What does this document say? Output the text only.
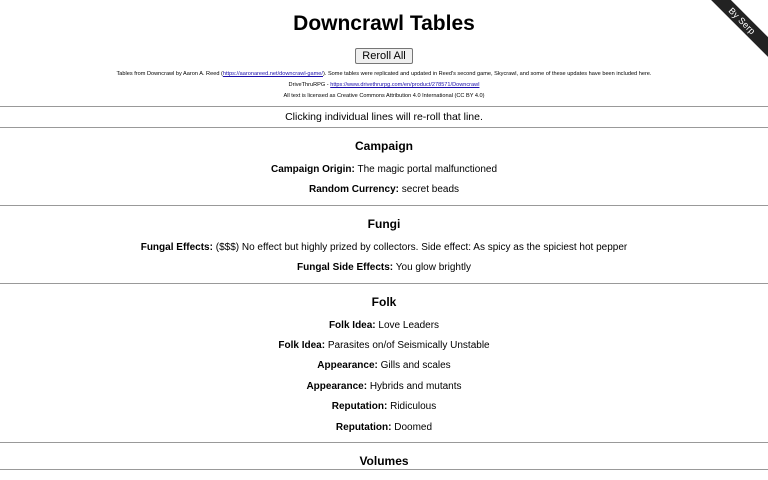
By Serp
Downcrawl Tables
Reroll All
Tables from Downcrawl by Aaron A. Reed (https://aaronareed.net/downcrawl-game/). Some tables were replicated and updated in Reed's second game, Skycrawl, and some of these updates have been included here.
DriveThruRPG - https://www.drivethrurpg.com/en/product/278571/Downcrawl
All text is licensed as Creative Commons Attribution 4.0 International (CC BY 4.0)
Clicking individual lines will re-roll that line.
Campaign
Campaign Origin: The magic portal malfunctioned
Random Currency: secret beads
Fungi
Fungal Effects: ($$$) No effect but highly prized by collectors. Side effect: As spicy as the spiciest hot pepper
Fungal Side Effects: You glow brightly
Folk
Folk Idea: Love Leaders
Folk Idea: Parasites on/of Seismically Unstable
Appearance: Gills and scales
Appearance: Hybrids and mutants
Reputation: Ridiculous
Reputation: Doomed
Volumes
